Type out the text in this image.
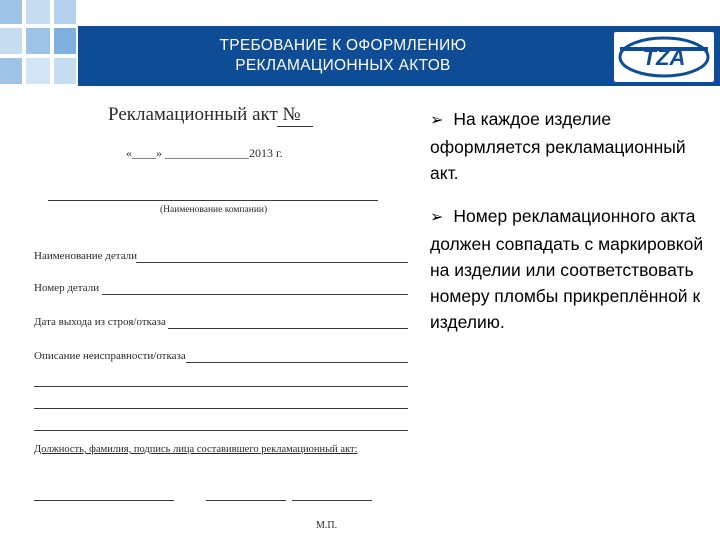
ТРЕБОВАНИЕ К ОФОРМЛЕНИЮ
РЕКЛАМАЦИОННЫХ АКТОВ	TZA
Рекламационный акт №
«____» ______________2013 г.
(Наименование компании)
Наименование детали
Номер детали
Дата выхода из строя/отказа
Описание неисправности/отказа
Должность, фамилия, подпись лица составившего рекламационный акт:
М.П.
➢ На каждое изделие оформляется рекламационный акт.
➢ Номер рекламационного акта должен совпадать с маркировкой на изделии или соответствовать номеру пломбы прикреплённой к изделию.
